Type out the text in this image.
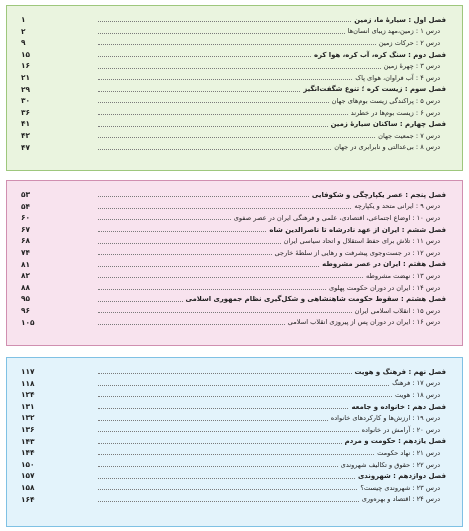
فصل اول : سیارهٔ ما، زمین
۱
درس ۱ : زمین،مهد زیبای انسان‌ها
۲
درس ۲ : حرکات زمین
۹
فصل دوم : سنگ کره، آب کره، هوا کره
۱۵
درس ۳ : چهرهٔ زمین
۱۶
درس ۴ : آب فراوان، هوای پاک
۲۱
فصل سوم : زیست کره ؛ تنوع شگفت‌انگیز
۲۹
درس ۵ : پراکندگی زیست بوم‌های جهان
۳۰
درس ۶ : زیست بوم‌ها در خطرند
۳۶
فصل چهارم : ساکنان سیارهٔ زمین
۴۱
درس ۷ : جمعیت جهان
۴۲
درس ۸ : بی‌عدالتی و نابرابری در جهان
۴۷
فصل پنجم : عصر یکپارچگی و شکوفایی
۵۳
درس ۹ : ایرانی متحد و یکپارچه
۵۴
درس ۱۰ : اوضاع اجتماعی، اقتصادی، علمی و فرهنگی ایران در عصر صفوی
۶۰
فصل ششم : ایران از عهد نادرشاه تا ناصرالدین شاه
۶۷
درس ۱۱ : تلاش برای حفظ استقلال و اتحاد سیاسی ایران
۶۸
درس ۱۲ : در جست‌وجوی پیشرفت و رهایی از سلطهٔ خارجی
۷۴
فصل هفتم : ایران در عصر مشروطه
۸۱
درس ۱۳ : نهضت مشروطه
۸۲
درس ۱۴ : ایران در دوران حکومت پهلوی
۸۸
فصل هشتم : سقوط حکومت شاهنشاهی و شکل‌گیری نظام جمهوری اسلامی
۹۵
درس ۱۵ : انقلاب اسلامی ایران
۹۶
درس ۱۶ : ایران در دوران پس از پیروزی انقلاب اسلامی
۱۰۵
فصل نهم : فرهنگ و هویت
۱۱۷
درس ۱۷ : فرهنگ
۱۱۸
درس ۱۸ : هویت
۱۲۴
فصل دهم : خانواده و جامعه
۱۳۱
درس ۱۹ : ارزش‌ها و کارکردهای خانواده
۱۳۲
درس ۲۰ : آرامش در خانواده
۱۳۶
فصل یازدهم : حکومت و مردم
۱۴۳
درس ۲۱ : نهاد حکومت
۱۴۴
درس ۲۲ : حقوق و تکالیف شهروندی
۱۵۰
فصل دوازدهم : شهروندی
۱۵۷
درس ۲۳ : شهروندی چیست؟
۱۵۸
درس ۲۴ : اقتصاد و بهره‌وری
۱۶۴
